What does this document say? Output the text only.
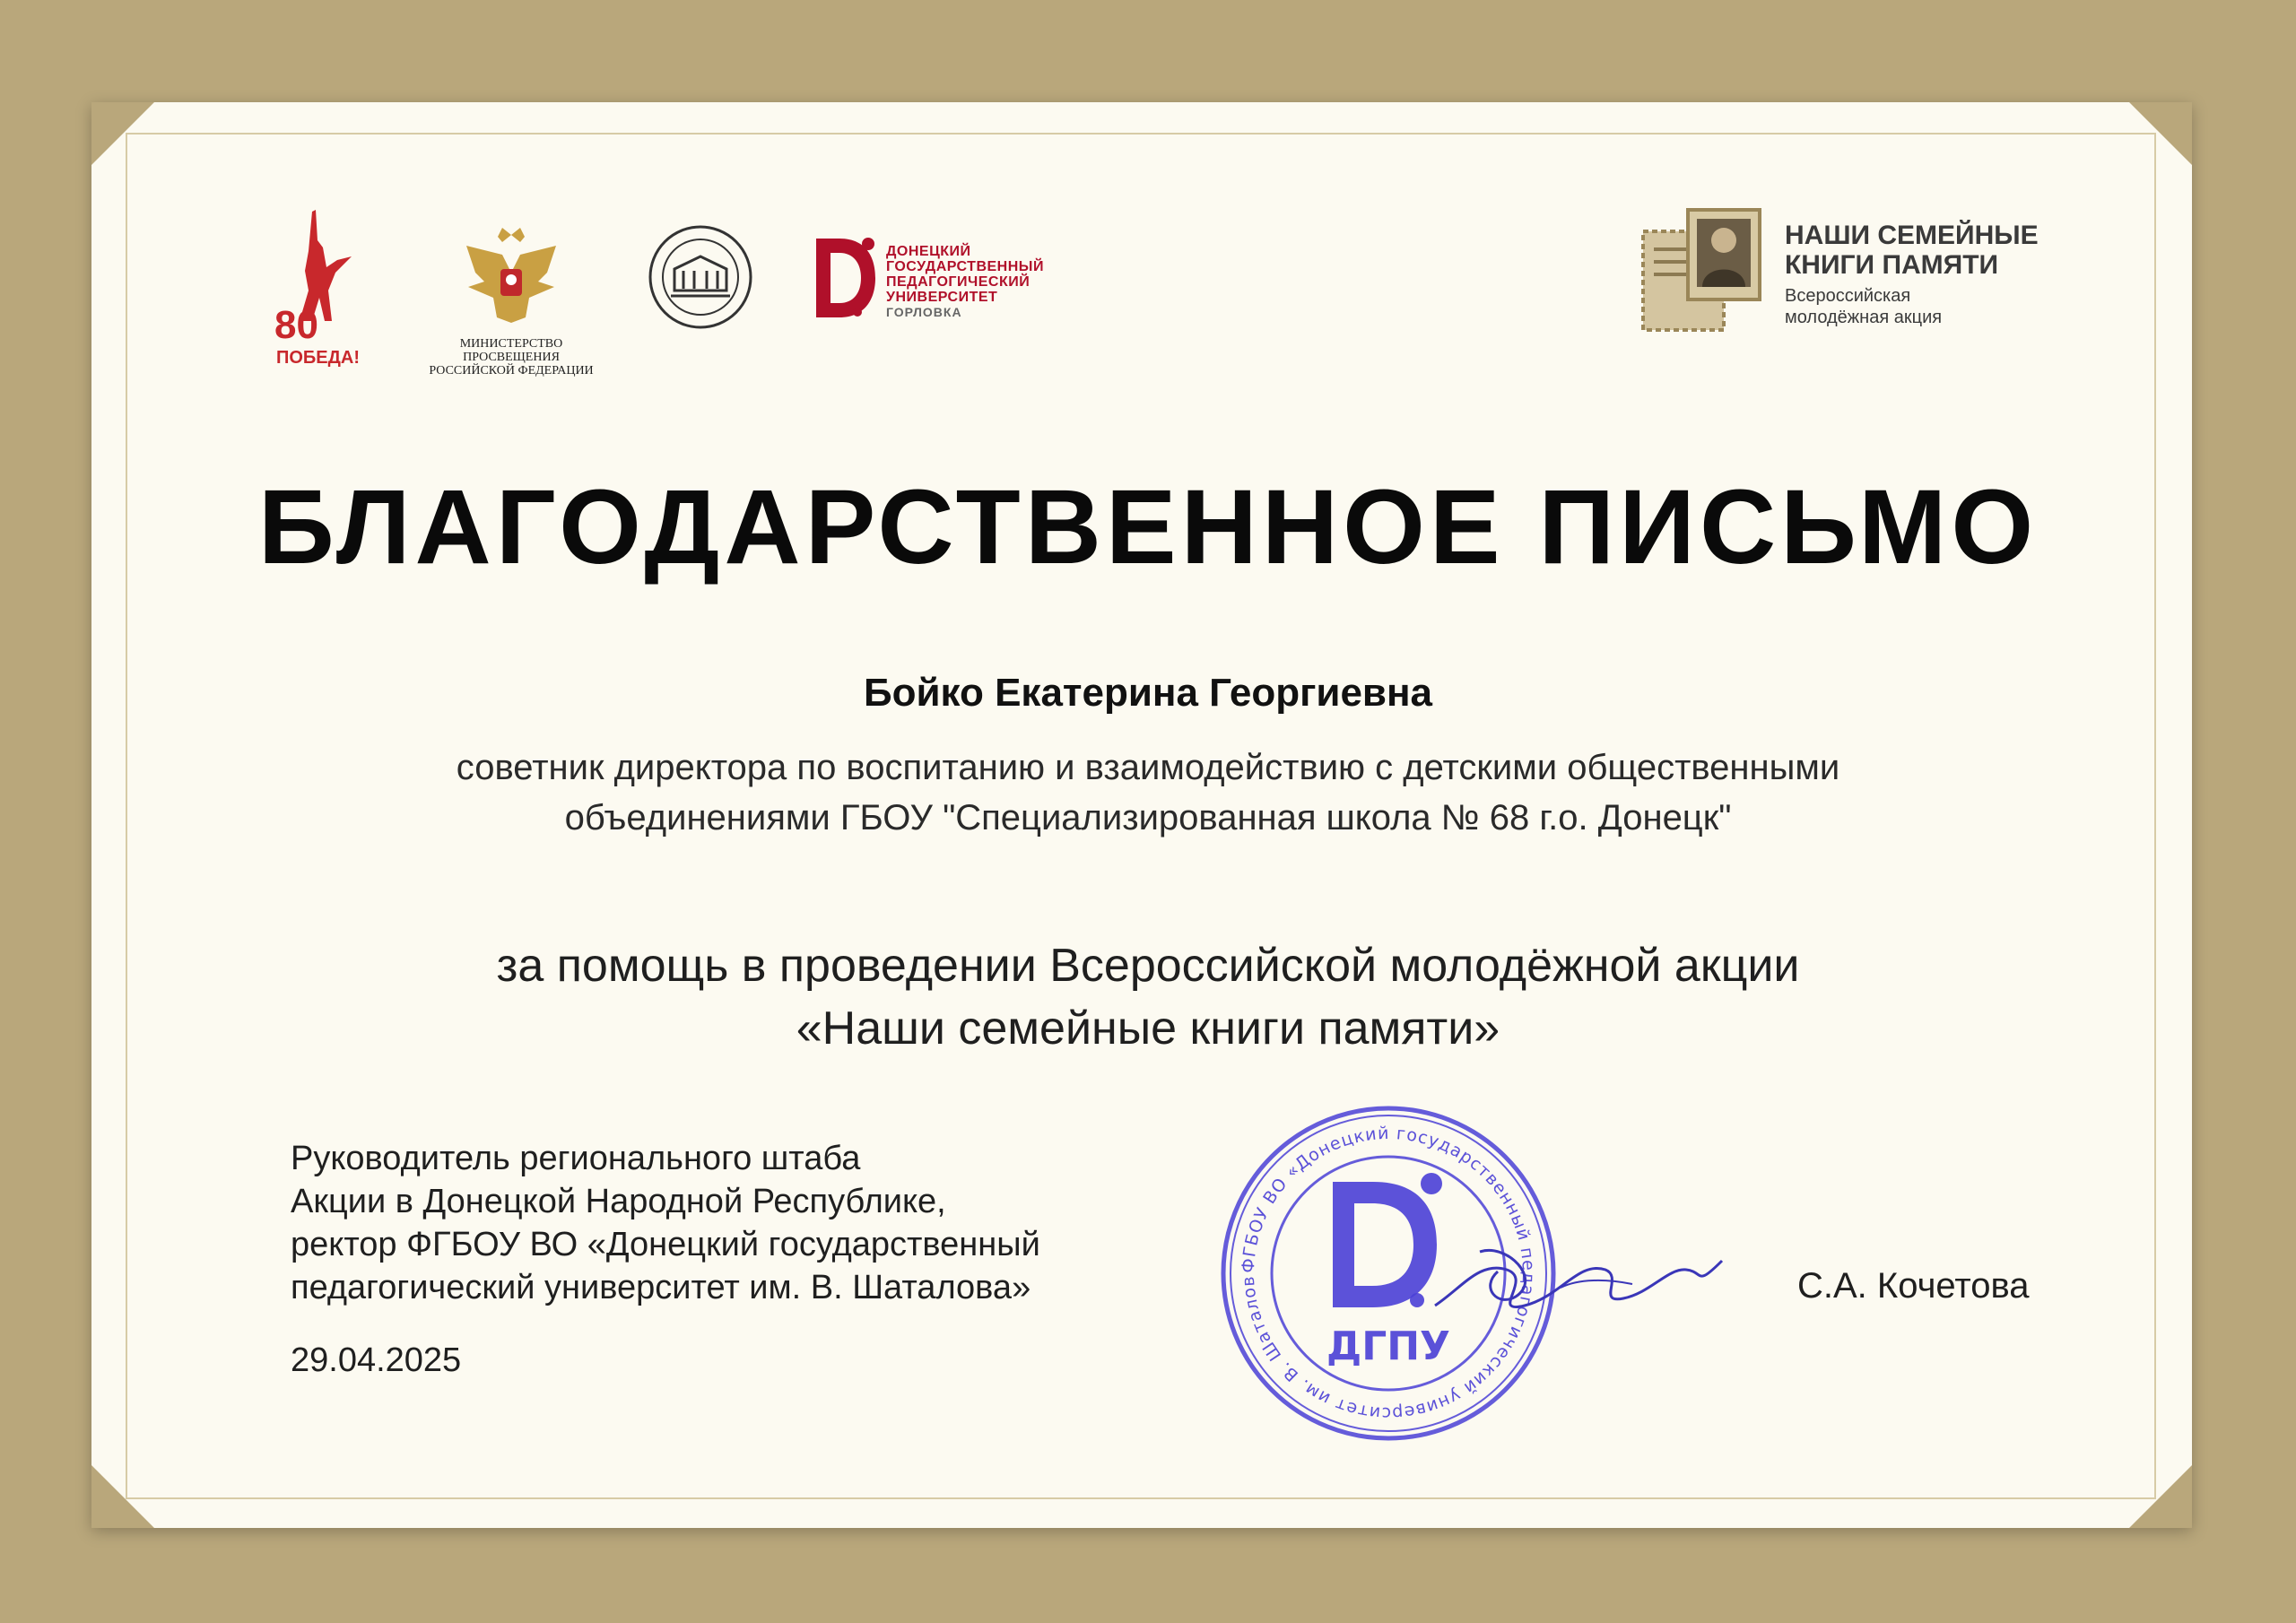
80
ПОБЕДА!
МИНИСТЕРСТВО ПРОСВЕЩЕНИЯ
РОССИЙСКОЙ ФЕДЕРАЦИИ
ДОНЕЦКИЙ
ГОСУДАРСТВЕННЫЙ
ПЕДАГОГИЧЕСКИЙ
УНИВЕРСИТЕТ
ГОРЛОВКА
НАШИ СЕМЕЙНЫЕ
КНИГИ ПАМЯТИ
Всероссийская
молодёжная акция
БЛАГОДАРСТВЕННОЕ ПИСЬМО
Бойко Екатерина Георгиевна
советник директора по воспитанию и взаимодействию с детскими общественными
объединениями ГБОУ "Специализированная школа № 68 г.о. Донецк"
за помощь в проведении Всероссийской молодёжной акции
«Наши семейные книги памяти»
Руководитель регионального штаба
Акции в Донецкой Народной Республике,
ректор ФГБОУ ВО «Донецкий государственный
педагогический университет им. В. Шаталова»
29.04.2025
ФГБОУ ВО «Донецкий государственный педагогический университет им. В. Шаталов
ДГПУ
С.А. Кочетова
